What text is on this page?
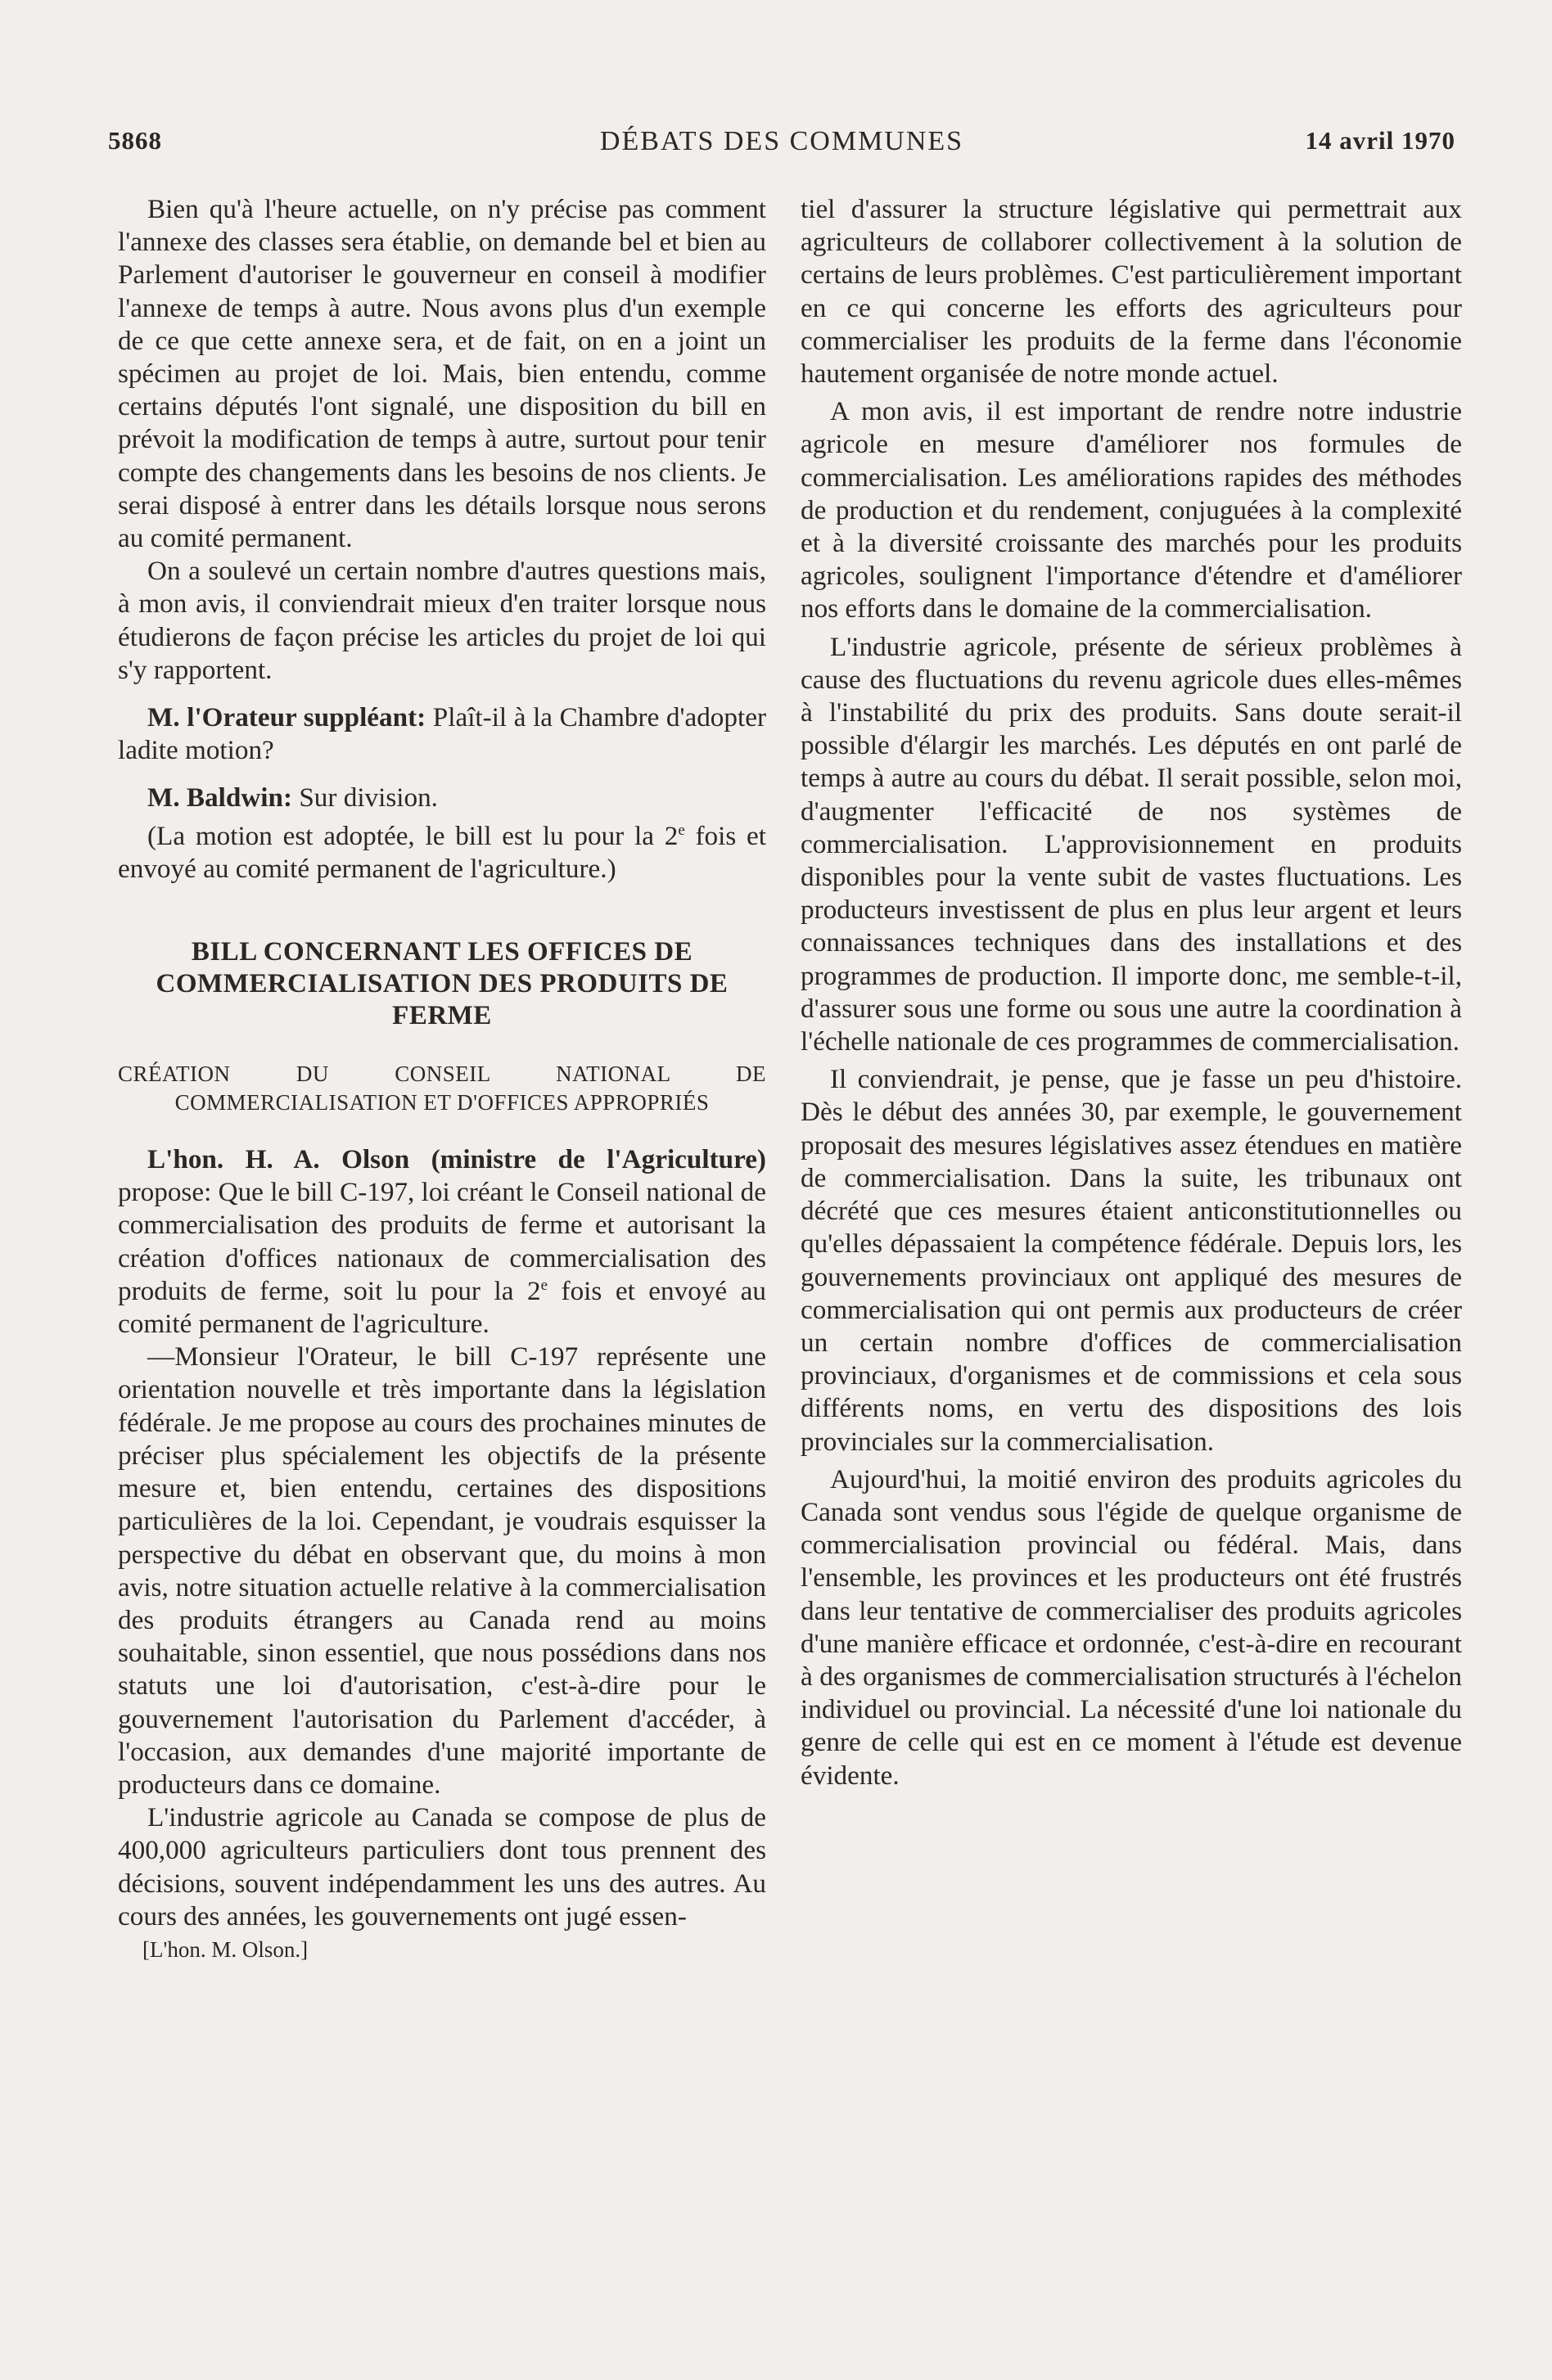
5868	DÉBATS DES COMMUNES	14 avril 1970

Bien qu'à l'heure actuelle, on n'y précise pas comment l'annexe des classes sera établie, on demande bel et bien au Parlement d'autoriser le gouverneur en conseil à modifier l'annexe de temps à autre. Nous avons plus d'un exemple de ce que cette annexe sera, et de fait, on en a joint un spécimen au projet de loi. Mais, bien entendu, comme certains députés l'ont signalé, une disposition du bill en prévoit la modification de temps à autre, surtout pour tenir compte des changements dans les besoins de nos clients. Je serai disposé à entrer dans les détails lorsque nous serons au comité permanent.

On a soulevé un certain nombre d'autres questions mais, à mon avis, il conviendrait mieux d'en traiter lorsque nous étudierons de façon précise les articles du projet de loi qui s'y rapportent.

M. l'Orateur suppléant: Plaît-il à la Chambre d'adopter ladite motion?

M. Baldwin: Sur division.

(La motion est adoptée, le bill est lu pour la 2e fois et envoyé au comité permanent de l'agriculture.)

BILL CONCERNANT LES OFFICES DE COMMERCIALISATION DES PRODUITS DE FERME
CRÉATION DU CONSEIL NATIONAL DE COMMERCIALISATION ET D'OFFICES APPROPRIÉS

L'hon. H. A. Olson (ministre de l'Agriculture) propose: Que le bill C-197, loi créant le Conseil national de commercialisation des produits de ferme et autorisant la création d'offices nationaux de commercialisation des produits de ferme, soit lu pour la 2e fois et envoyé au comité permanent de l'agriculture.

—Monsieur l'Orateur, le bill C-197 représente une orientation nouvelle et très importante dans la législation fédérale. Je me propose au cours des prochaines minutes de préciser plus spécialement les objectifs de la présente mesure et, bien entendu, certaines des dispositions particulières de la loi. Cependant, je voudrais esquisser la perspective du débat en observant que, du moins à mon avis, notre situation actuelle relative à la commercialisation des produits étrangers au Canada rend au moins souhaitable, sinon essentiel, que nous possédions dans nos statuts une loi d'autorisation, c'est-à-dire pour le gouvernement l'autorisation du Parlement d'accéder, à l'occasion, aux demandes d'une majorité importante de producteurs dans ce domaine.

L'industrie agricole au Canada se compose de plus de 400,000 agriculteurs particuliers dont tous prennent des décisions, souvent indépendamment les uns des autres. Au cours des années, les gouvernements ont jugé essen-

[L'hon. M. Olson.]

tiel d'assurer la structure législative qui permettrait aux agriculteurs de collaborer collectivement à la solution de certains de leurs problèmes. C'est particulièrement important en ce qui concerne les efforts des agriculteurs pour commercialiser les produits de la ferme dans l'économie hautement organisée de notre monde actuel.

A mon avis, il est important de rendre notre industrie agricole en mesure d'améliorer nos formules de commercialisation. Les améliorations rapides des méthodes de production et du rendement, conjuguées à la complexité et à la diversité croissante des marchés pour les produits agricoles, soulignent l'importance d'étendre et d'améliorer nos efforts dans le domaine de la commercialisation.

L'industrie agricole, présente de sérieux problèmes à cause des fluctuations du revenu agricole dues elles-mêmes à l'instabilité du prix des produits. Sans doute serait-il possible d'élargir les marchés. Les députés en ont parlé de temps à autre au cours du débat. Il serait possible, selon moi, d'augmenter l'efficacité de nos systèmes de commercialisation. L'approvisionnement en produits disponibles pour la vente subit de vastes fluctuations. Les producteurs investissent de plus en plus leur argent et leurs connaissances techniques dans des installations et des programmes de production. Il importe donc, me semble-t-il, d'assurer sous une forme ou sous une autre la coordination à l'échelle nationale de ces programmes de commercialisation.

Il conviendrait, je pense, que je fasse un peu d'histoire. Dès le début des années 30, par exemple, le gouvernement proposait des mesures législatives assez étendues en matière de commercialisation. Dans la suite, les tribunaux ont décrété que ces mesures étaient anticonstitutionnelles ou qu'elles dépassaient la compétence fédérale. Depuis lors, les gouvernements provinciaux ont appliqué des mesures de commercialisation qui ont permis aux producteurs de créer un certain nombre d'offices de commercialisation provinciaux, d'organismes et de commissions et cela sous différents noms, en vertu des dispositions des lois provinciales sur la commercialisation.

Aujourd'hui, la moitié environ des produits agricoles du Canada sont vendus sous l'égide de quelque organisme de commercialisation provincial ou fédéral. Mais, dans l'ensemble, les provinces et les producteurs ont été frustrés dans leur tentative de commercialiser des produits agricoles d'une manière efficace et ordonnée, c'est-à-dire en recourant à des organismes de commercialisation structurés à l'échelon individuel ou provincial. La nécessité d'une loi nationale du genre de celle qui est en ce moment à l'étude est devenue évidente.
